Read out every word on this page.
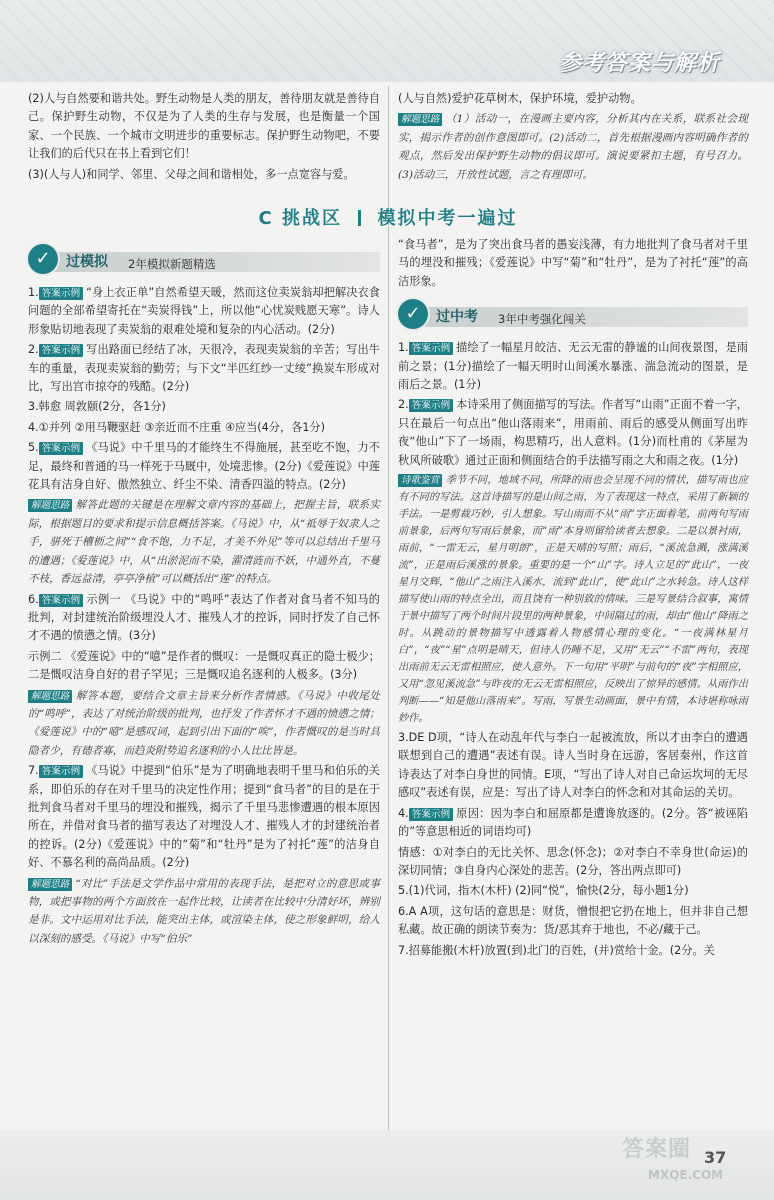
参考答案与解析

(2)人与自然要和谐共处。野生动物是人类的朋友，善待朋友就是善待自己。保护野生动物，不仅是为了人类的生存与发展，也是衡量一个国家、一个民族、一个城市文明进步的重要标志。保护野生动物吧，不要让我们的后代只在书上看到它们！

(3)(人与人)和同学、邻里、父母之间和谐相处，多一点宽容与爱。

(人与自然)爱护花草树木，保护环境，爱护动物。

解题思路 （1）活动一，在漫画主要内容，分析其内在关系，联系社会现实，揭示作者的创作意图即可。(2)活动二，首先根据漫画内容明确作者的观点，然后发出保护野生动物的倡议即可。演说要紧扣主题，有号召力。(3)活动三，开放性试题，言之有理即可。

C 挑战区 模拟中考一遍过
✓	过模拟 2年模拟新题精选

1. 答案示例 “身上衣正单”自然希望天暖，然而这位卖炭翁却把解决衣食问题的全部希望寄托在“卖炭得钱”上，所以他“心忧炭贱愿天寒”。诗人形象贴切地表现了卖炭翁的艰难处境和复杂的内心活动。(2分)

2. 答案示例 写出路面已经结了冰，天很冷，表现卖炭翁的辛苦；写出牛车的重量，表现卖炭翁的勤劳；与下文“半匹红纱一丈绫”换炭车形成对比，写出宫市掠夺的残酷。(2分)

3.韩愈 周敦颐(2分，各1分)

4.①并列 ②用马鞭驱赶 ③亲近而不庄重 ④应当(4分，各1分)

5. 答案示例 《马说》中千里马的才能终生不得施展，甚至吃不饱，力不足，最终和普通的马一样死于马厩中，处境悲惨。(2分)《爱莲说》中莲花具有洁身自好、傲然独立、纤尘不染、清香四溢的特点。(2分)

解题思路 解答此题的关键是在理解文章内容的基础上，把握主旨，联系实际，根据题目的要求和提示信息概括答案。《马说》中，从“祗辱于奴隶人之手，骈死于槽枥之间”“食不饱，力不足，才美不外见”等可以总结出千里马的遭遇；《爱莲说》中，从“出淤泥而不染，濯清涟而不妖，中通外直，不蔓不枝，香远益清，亭亭净植”可以概括出“莲”的特点。

6. 答案示例 示例一 《马说》中的“鸣呼”表达了作者对食马者不知马的批判，对封建统治阶级埋没人才、摧残人才的控诉，同时抒发了自己怀才不遇的愤懑之情。(3分)

示例二 《爱莲说》中的“噫”是作者的慨叹：一是慨叹真正的隐士极少；二是慨叹洁身自好的君子罕见；三是慨叹追名逐利的人极多。(3分)

解题思路 解答本题，要结合文章主旨来分析作者情感。《马说》中收尾处的“鸣呼”，表达了对统治阶级的批判，也抒发了作者怀才不遇的愤懑之情；《爱莲说》中的“噫”是感叹词，起到引出下面的“唉”，作者慨叹的是当时具隐者少，有德者寡，而趋炎附势追名逐利的小人比比皆是。

7. 答案示例 《马说》中提到“伯乐”是为了明确地表明千里马和伯乐的关系，即伯乐的存在对千里马的决定性作用；提到“食马者”的目的是在于批判食马者对千里马的埋没和摧残，揭示了千里马悲惨遭遇的根本原因所在，并借对食马者的描写表达了对埋没人才、摧残人才的封建统治者的控诉。(2分)《爱莲说》中的“菊”和“牡丹”是为了衬托“莲”的洁身自好、不慕名利的高尚品质。(2分)

解题思路 “对比”手法是文学作品中常用的表现手法，是把对立的意思或事物，或把事物的两个方面放在一起作比较，让读者在比较中分清好坏，辨别是非。文中运用对比手法，能突出主体，或渲染主体，使之形象鲜明，给人以深刻的感受。《马说》中写“伯乐”

“食马者”，是为了突出食马者的愚妄浅薄，有力地批判了食马者对千里马的埋没和摧残；《爱莲说》中写“菊”和“牡丹”，是为了衬托“莲”的高洁形象。

✓	过中考 3年中考强化闯关

1. 答案示例 描绘了一幅星月皎洁、无云无雷的静谧的山间夜景图，是雨前之景；(1分)描绘了一幅天明时山间溪水暴涨、湍急流动的图景，是雨后之景。(1分)

2. 答案示例 本诗采用了侧面描写的写法。作者写“山雨”正面不着一字，只在最后一句点出“他山落雨来”，用雨前、雨后的感受从侧面写出昨夜“他山”下了一场雨，构思精巧，出人意料。(1分)而杜甫的《茅屋为秋风所破歌》通过正面和侧面结合的手法描写雨之大和雨之夜。(1分)

诗歌鉴赏 季节不同，地域不同，所降的雨也会呈现不同的情状，描写雨也应有不同的写法。这首诗描写的是山间之雨，为了表现这一特点，采用了新颖的手法。一是剪裁巧妙，引人想象。写山雨而不从“雨”字正面着笔，前两句写雨前景象，后两句写雨后景象，而“雨”本身则留给读者去想象。二是以景衬雨，雨前，“一雷无云，星月明朗”，正是天晴的写照；雨后，“溪流急溅，涨满溪流”，正是雨后溪涨的景象。重要的是一个“山”字。诗人立足的“此山”，一夜星月交辉，“他山”之雨注入溪水，流到“此山”，使“此山”之水转急。诗人这样描写使山雨的特点全出，而且饶有一种别致的情味。三是写景结合叙事，寓情于景中描写了两个时间片段里的两种景象，中间隔过的雨，却由“他山”降雨之时。从跳动的景物描写中透露着人物感情心理的变化。“一夜满林星月白”，“夜”“星”点明是晴天，但诗人仍睡不足，又用“无云”“不雷”两句，表现出雨前无云无雷相照应，使人意外。下一句用“平明”与前句的“夜”字相照应，又用“忽见溪流急”与昨夜的无云无雷相照应，反映出了惊异的感情。从雨作出判断——“知是他山落雨来”。写雨，写景生动画面，景中有情，本诗堪称咏雨妙作。

3.DE D项，“诗人在动乱年代与李白一起被流放，所以才由李白的遭遇联想到自己的遭遇”表述有误。诗人当时身在远游，客居秦州，作这首诗表达了对李白身世的同情。E项，“写出了诗人对自己命运坎坷的无尽感叹”表述有误，应是：写出了诗人对李白的怀念和对其命运的关切。

4. 答案示例 原因：因为李白和屈原都是遭谗放逐的。(2分。答“被诬陷的”等意思相近的词语均可)

情感：①对李白的无比关怀、思念(怀念)；②对李白不幸身世(命运)的深切同情；③自身内心深处的悲苦。(2分，答出两点即可)

5.(1)代词，指木(木杆) (2)同“悦”，愉快(2分，每小题1分)

6.A A项，这句话的意思是：财货，憎恨把它扔在地上，但并非自己想私藏。故正确的朗读节奏为：货/恶其弃于地也，不必/藏于己。

7.招募能搬(木杆)放置(到)北门的百姓，(并)赏给十金。(2分。关

答案圈
MXQE.COM
37
